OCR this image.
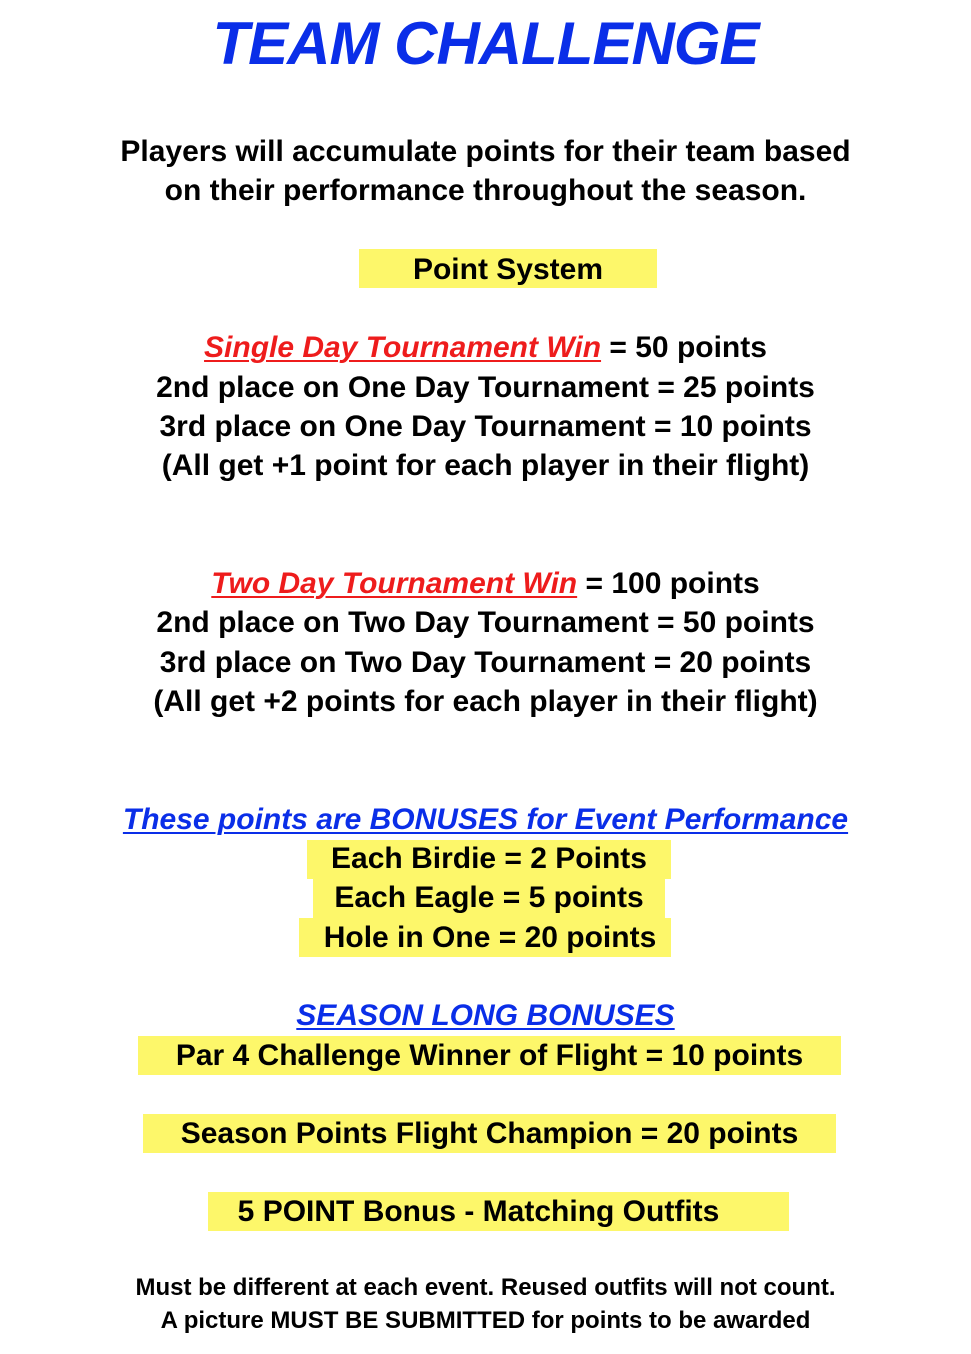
TEAM CHALLENGE
Players will accumulate points for their team based
on their performance throughout the season.
Point System
Single Day Tournament Win = 50 points
2nd place on One Day Tournament = 25 points
3rd place on One Day Tournament = 10 points
(All get +1 point for each player in their flight)
Two Day Tournament Win = 100 points
2nd place on Two Day Tournament = 50 points
3rd place on Two Day Tournament = 20 points
(All get +2 points for each player in their flight)
These points are BONUSES for Event Performance
Each Birdie = 2 Points
Each Eagle = 5 points
Hole in One = 20 points
SEASON LONG BONUSES
Par 4 Challenge Winner of Flight = 10 points
Season Points Flight Champion = 20 points
5 POINT Bonus - Matching Outfits
Must be different at each event. Reused outfits will not count.
A picture MUST BE SUBMITTED for points to be awarded
